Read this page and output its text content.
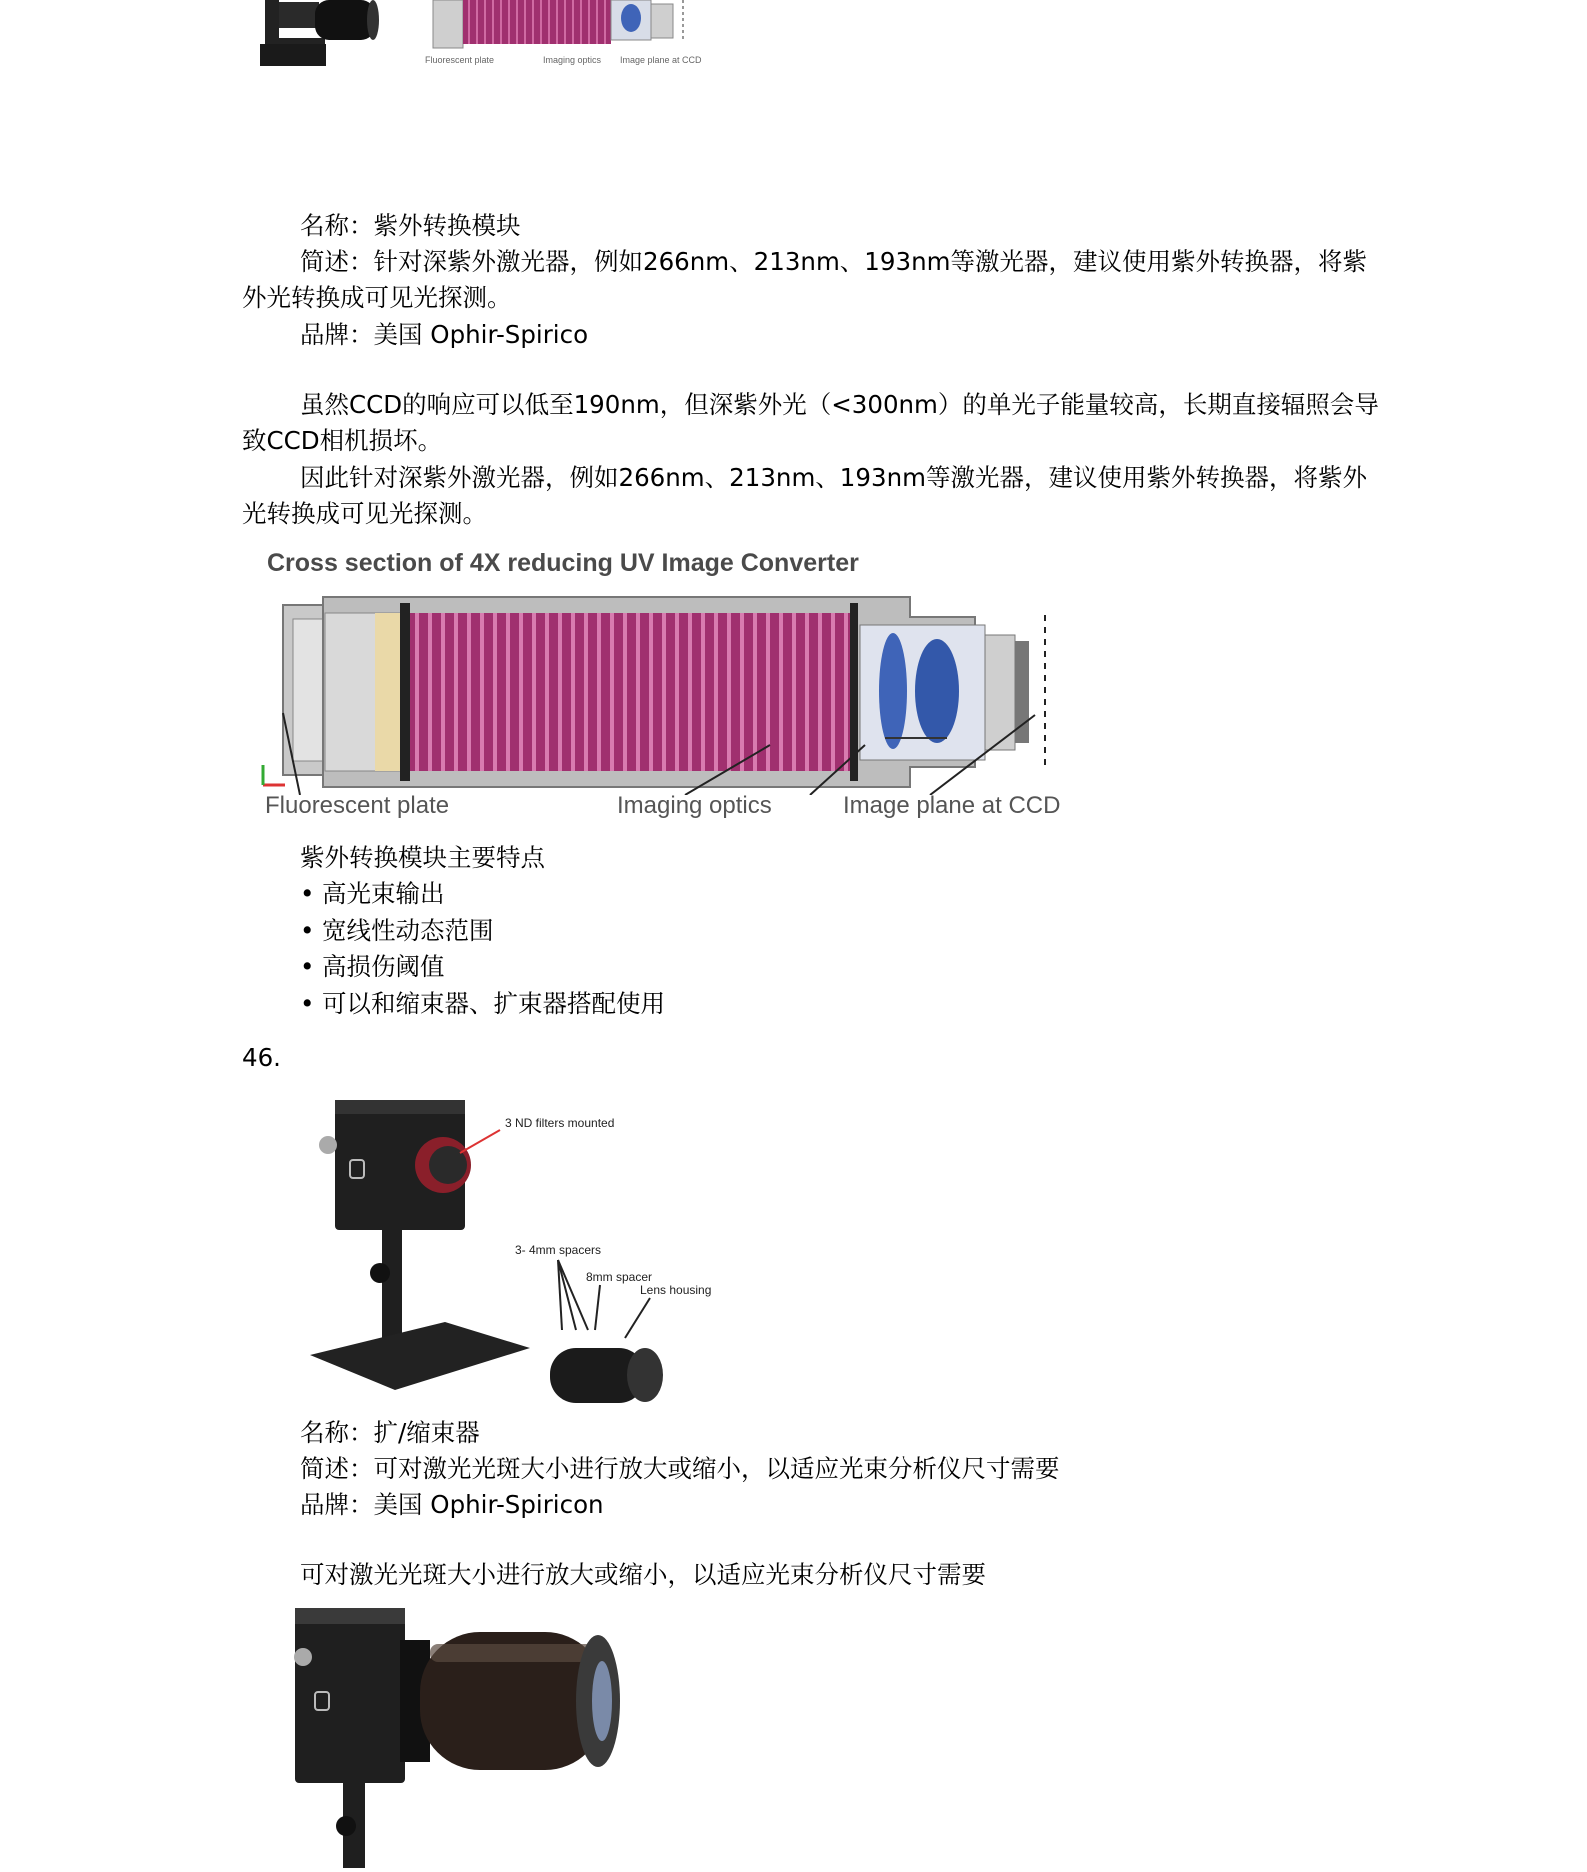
Fluorescent plate	Imaging optics Image plane at CCD
名称：紫外转换模块
简述：针对深紫外激光器，例如266nm、213nm、193nm等激光器，建议使用紫外转换器，将紫外光转换成可见光探测。
品牌：美国 Ophir-Spirico
虽然CCD的响应可以低至190nm，但深紫外光（<300nm）的单光子能量较高，长期直接辐照会导致CCD相机损坏。
因此针对深紫外激光器，例如266nm、213nm、193nm等激光器，建议使用紫外转换器，将紫外光转换成可见光探测。
Cross section of 4X reducing UV Image Converter
Fluorescent plate	Imaging optics	Image plane at CCD
紫外转换模块主要特点
• 高光束输出
• 宽线性动态范围
• 高损伤阈值
• 可以和缩束器、扩束器搭配使用
46.
3 ND filters mounted
3- 4mm spacers
8mm spacer
Lens housing
名称：扩/缩束器
简述：可对激光光斑大小进行放大或缩小，以适应光束分析仪尺寸需要
品牌：美国 Ophir-Spiricon
可对激光光斑大小进行放大或缩小，以适应光束分析仪尺寸需要
